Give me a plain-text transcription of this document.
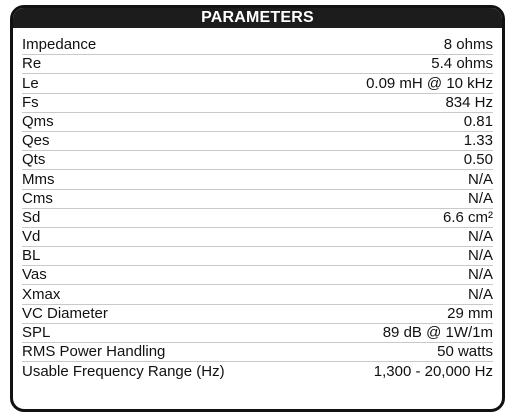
PARAMETERS
Impedance	8 ohms
Re	5.4 ohms
Le	0.09 mH @ 10 kHz
Fs	834 Hz
Qms	0.81
Qes	1.33
Qts	0.50
Mms	N/A
Cms	N/A
Sd	6.6 cm²
Vd	N/A
BL	N/A
Vas	N/A
Xmax	N/A
VC Diameter	29 mm
SPL	89 dB @ 1W/1m
RMS Power Handling	50 watts
Usable Frequency Range (Hz)	1,300 - 20,000 Hz
